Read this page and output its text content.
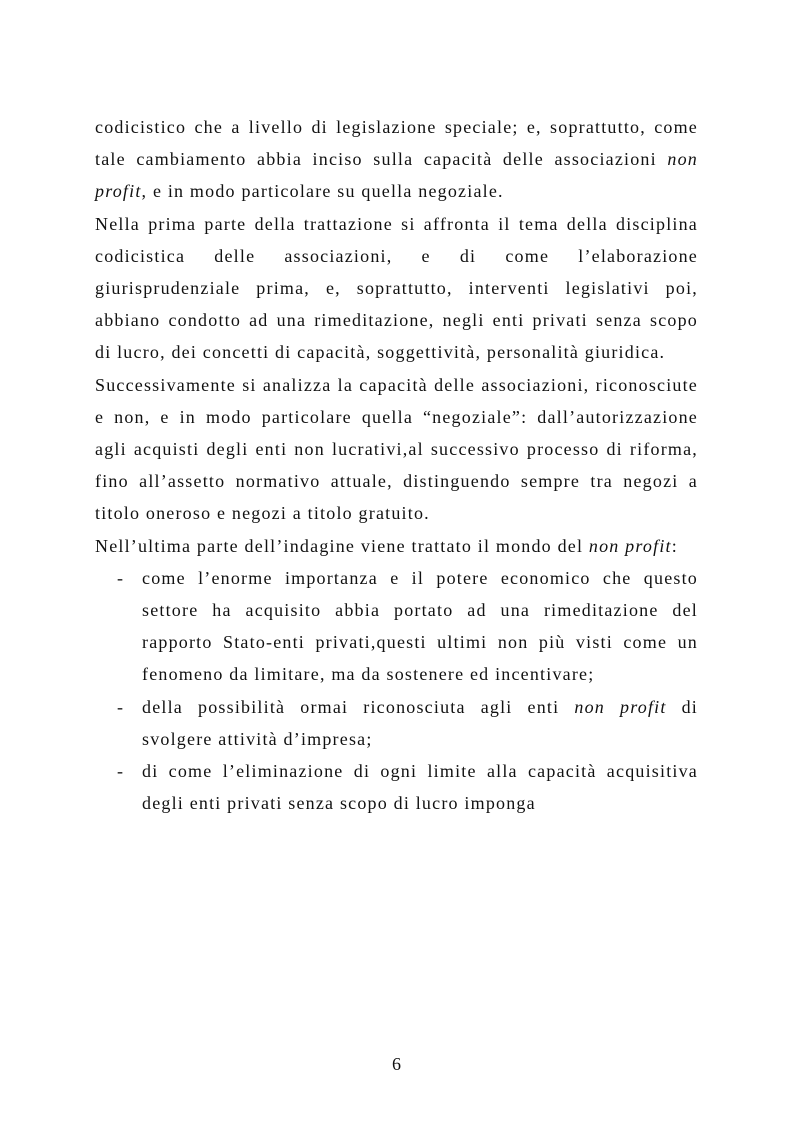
codicistico che a livello di legislazione speciale; e, soprattutto, come tale cambiamento abbia inciso sulla capacità delle associazioni non profit, e in modo particolare su quella negoziale.

Nella prima parte della trattazione si affronta il tema della disciplina codicistica delle associazioni, e di come l’elaborazione giurisprudenziale prima, e, soprattutto, interventi legislativi poi, abbiano condotto ad una rimeditazione, negli enti privati senza scopo di lucro, dei concetti di capacità, soggettività, personalità giuridica.

Successivamente si analizza la capacità delle associazioni, riconosciute e non, e in modo particolare quella “negoziale”: dall’autorizzazione agli acquisti degli enti non lucrativi,al successivo processo di riforma, fino all’assetto normativo attuale, distinguendo sempre tra negozi a titolo oneroso e negozi a titolo gratuito.

Nell’ultima parte dell’indagine viene trattato il mondo del non profit:

- come l’enorme importanza e il potere economico che questo settore ha acquisito abbia portato ad una rimeditazione del rapporto Stato-enti privati,questi ultimi non più visti come un fenomeno da limitare, ma da sostenere ed incentivare;
- della possibilità ormai riconosciuta agli enti non profit di svolgere attività d’impresa;
- di come l’eliminazione di ogni limite alla capacità acquisitiva degli enti privati senza scopo di lucro imponga
6
